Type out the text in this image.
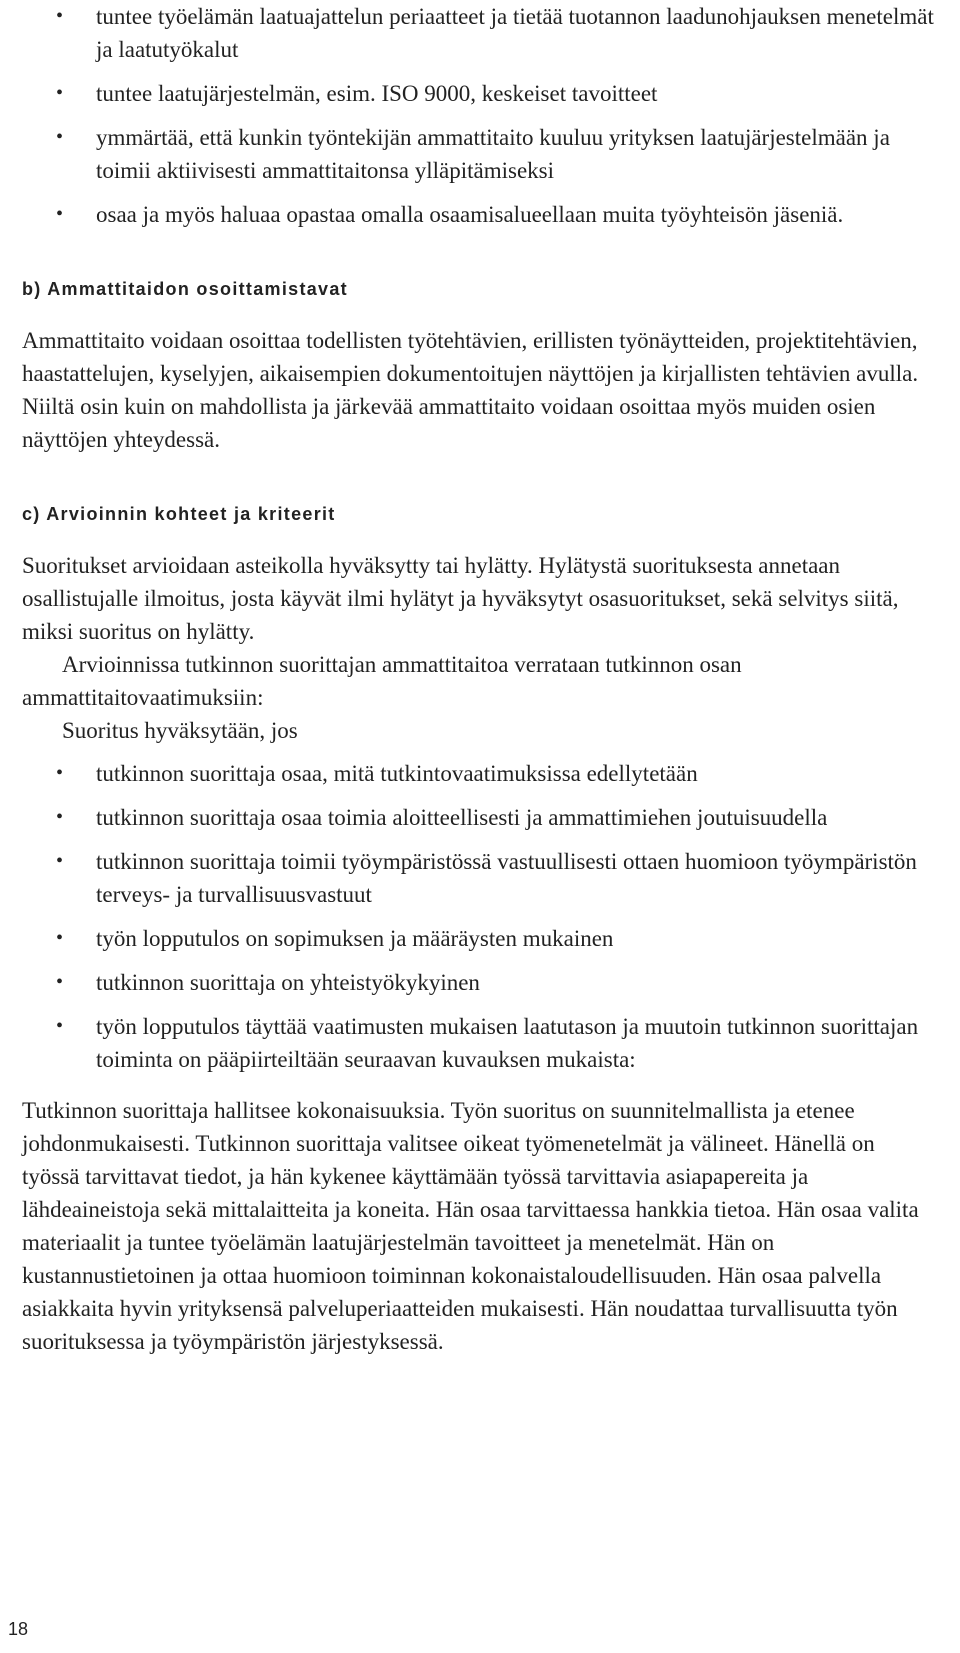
• tuntee työelämän laatuajattelun periaatteet ja tietää tuotannon laadunohjauksen menetelmät ja laatutyökalut
• tuntee laatujärjestelmän, esim. ISO 9000, keskeiset tavoitteet
• ymmärtää, että kunkin työntekijän ammattitaito kuuluu yrityksen laatujärjestelmään ja toimii aktiivisesti ammattitaitonsa ylläpitämiseksi
• osaa ja myös haluaa opastaa omalla osaamisalueellaan muita työyhteisön jäseniä.
b) Ammattitaidon osoittamistavat

Ammattitaito voidaan osoittaa todellisten työtehtävien, erillisten työnäytteiden, projektitehtävien, haastattelujen, kyselyjen, aikaisempien dokumentoitujen näyttöjen ja kirjallisten tehtävien avulla. Niiltä osin kuin on mahdollista ja järkevää ammattitaito voidaan osoittaa myös muiden osien näyttöjen yhteydessä.

c) Arvioinnin kohteet ja kriteerit

Suoritukset arvioidaan asteikolla hyväksytty tai hylätty. Hylätystä suorituksesta annetaan osallistujalle ilmoitus, josta käyvät ilmi hylätyt ja hyväksytyt osasuoritukset, sekä selvitys siitä, miksi suoritus on hylätty.

Arvioinnissa tutkinnon suorittajan ammattitaitoa verrataan tutkinnon osan ammattitaitovaatimuksiin:

Suoritus hyväksytään, jos

• tutkinnon suorittaja osaa, mitä tutkintovaatimuksissa edellytetään
• tutkinnon suorittaja osaa toimia aloitteellisesti ja ammattimiehen joutuisuudella
• tutkinnon suorittaja toimii työympäristössä vastuullisesti ottaen huomioon työympäristön terveys- ja turvallisuusvastuut
• työn lopputulos on sopimuksen ja määräysten mukainen
• tutkinnon suorittaja on yhteistyökykyinen
• työn lopputulos täyttää vaatimusten mukaisen laatutason ja muutoin tutkinnon suorittajan toiminta on pääpiirteiltään seuraavan kuvauksen mukaista:

Tutkinnon suorittaja hallitsee kokonaisuuksia. Työn suoritus on suunnitelmallista ja etenee johdonmukaisesti. Tutkinnon suorittaja valitsee oikeat työmenetelmät ja välineet. Hänellä on työssä tarvittavat tiedot, ja hän kykenee käyttämään työssä tarvittavia asiapapereita ja lähdeaineistoja sekä mittalaitteita ja koneita. Hän osaa tarvittaessa hankkia tietoa. Hän osaa valita materiaalit ja tuntee työelämän laatujärjestelmän tavoitteet ja menetelmät. Hän on kustannustietoinen ja ottaa huomioon toiminnan kokonaistaloudellisuuden. Hän osaa palvella asiakkaita hyvin yrityksensä palveluperiaatteiden mukaisesti. Hän noudattaa turvallisuutta työn suorituksessa ja työympäristön järjestyksessä.

18
